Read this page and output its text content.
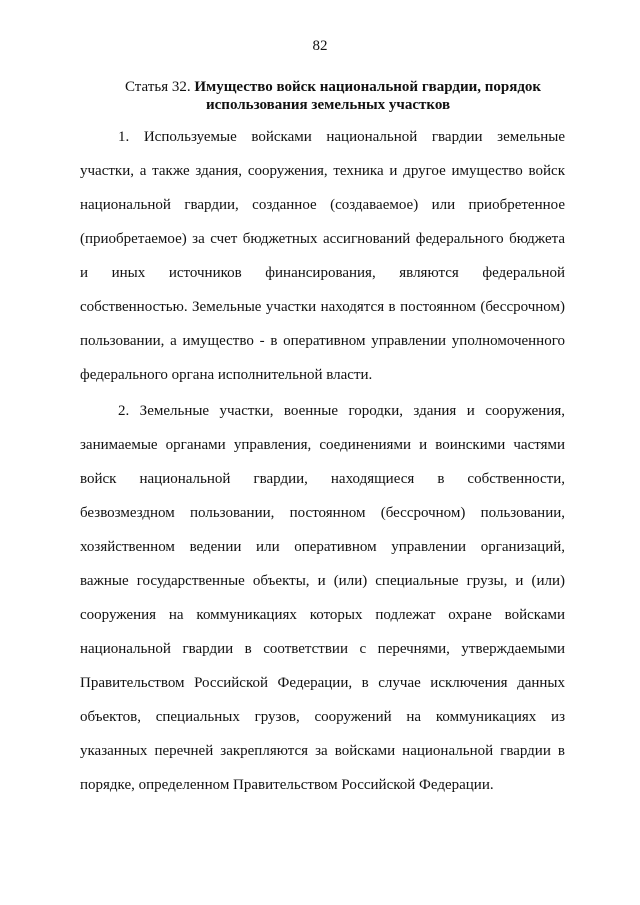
82
Статья 32. Имущество войск национальной гвардии, порядок
использования земельных участков
1. Используемые войсками национальной гвардии земельные
участки, а также здания, сооружения, техника и другое имущество войск
национальной гвардии, созданное (создаваемое) или приобретенное
(приобретаемое) за счет бюджетных ассигнований федерального бюджета
и иных источников финансирования, являются федеральной
собственностью. Земельные участки находятся в постоянном (бессрочном)
пользовании, а имущество - в оперативном управлении уполномоченного
федерального органа исполнительной власти.
2. Земельные участки, военные городки, здания и сооружения,
занимаемые органами управления, соединениями и воинскими частями
войск национальной гвардии, находящиеся в собственности,
безвозмездном пользовании, постоянном (бессрочном) пользовании,
хозяйственном ведении или оперативном управлении организаций,
важные государственные объекты, и (или) специальные грузы, и (или)
сооружения на коммуникациях которых подлежат охране войсками
национальной гвардии в соответствии с перечнями, утверждаемыми
Правительством Российской Федерации, в случае исключения данных
объектов, специальных грузов, сооружений на коммуникациях из
указанных перечней закрепляются за войсками национальной гвардии в
порядке, определенном Правительством Российской Федерации.
